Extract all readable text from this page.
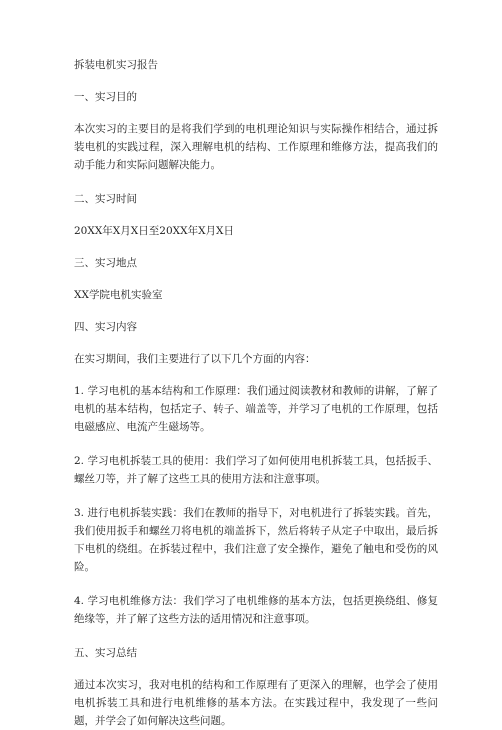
拆装电机实习报告
一、实习目的
本次实习的主要目的是将我们学到的电机理论知识与实际操作相结合，通过拆装电机的实践过程，深入理解电机的结构、工作原理和维修方法，提高我们的动手能力和实际问题解决能力。
二、实习时间
20XX年X月X日至20XX年X月X日
三、实习地点
XX学院电机实验室
四、实习内容
在实习期间，我们主要进行了以下几个方面的内容：
1. 学习电机的基本结构和工作原理：我们通过阅读教材和教师的讲解，了解了电机的基本结构，包括定子、转子、端盖等，并学习了电机的工作原理，包括电磁感应、电流产生磁场等。
2. 学习电机拆装工具的使用：我们学习了如何使用电机拆装工具，包括扳手、螺丝刀等，并了解了这些工具的使用方法和注意事项。
3. 进行电机拆装实践：我们在教师的指导下，对电机进行了拆装实践。首先，我们使用扳手和螺丝刀将电机的端盖拆下，然后将转子从定子中取出，最后拆下电机的绕组。在拆装过程中，我们注意了安全操作，避免了触电和受伤的风险。
4. 学习电机维修方法：我们学习了电机维修的基本方法，包括更换绕组、修复绝缘等，并了解了这些方法的适用情况和注意事项。
五、实习总结
通过本次实习，我对电机的结构和工作原理有了更深入的理解，也学会了使用电机拆装工具和进行电机维修的基本方法。在实践过程中，我发现了一些问题，并学会了如何解决这些问题。
